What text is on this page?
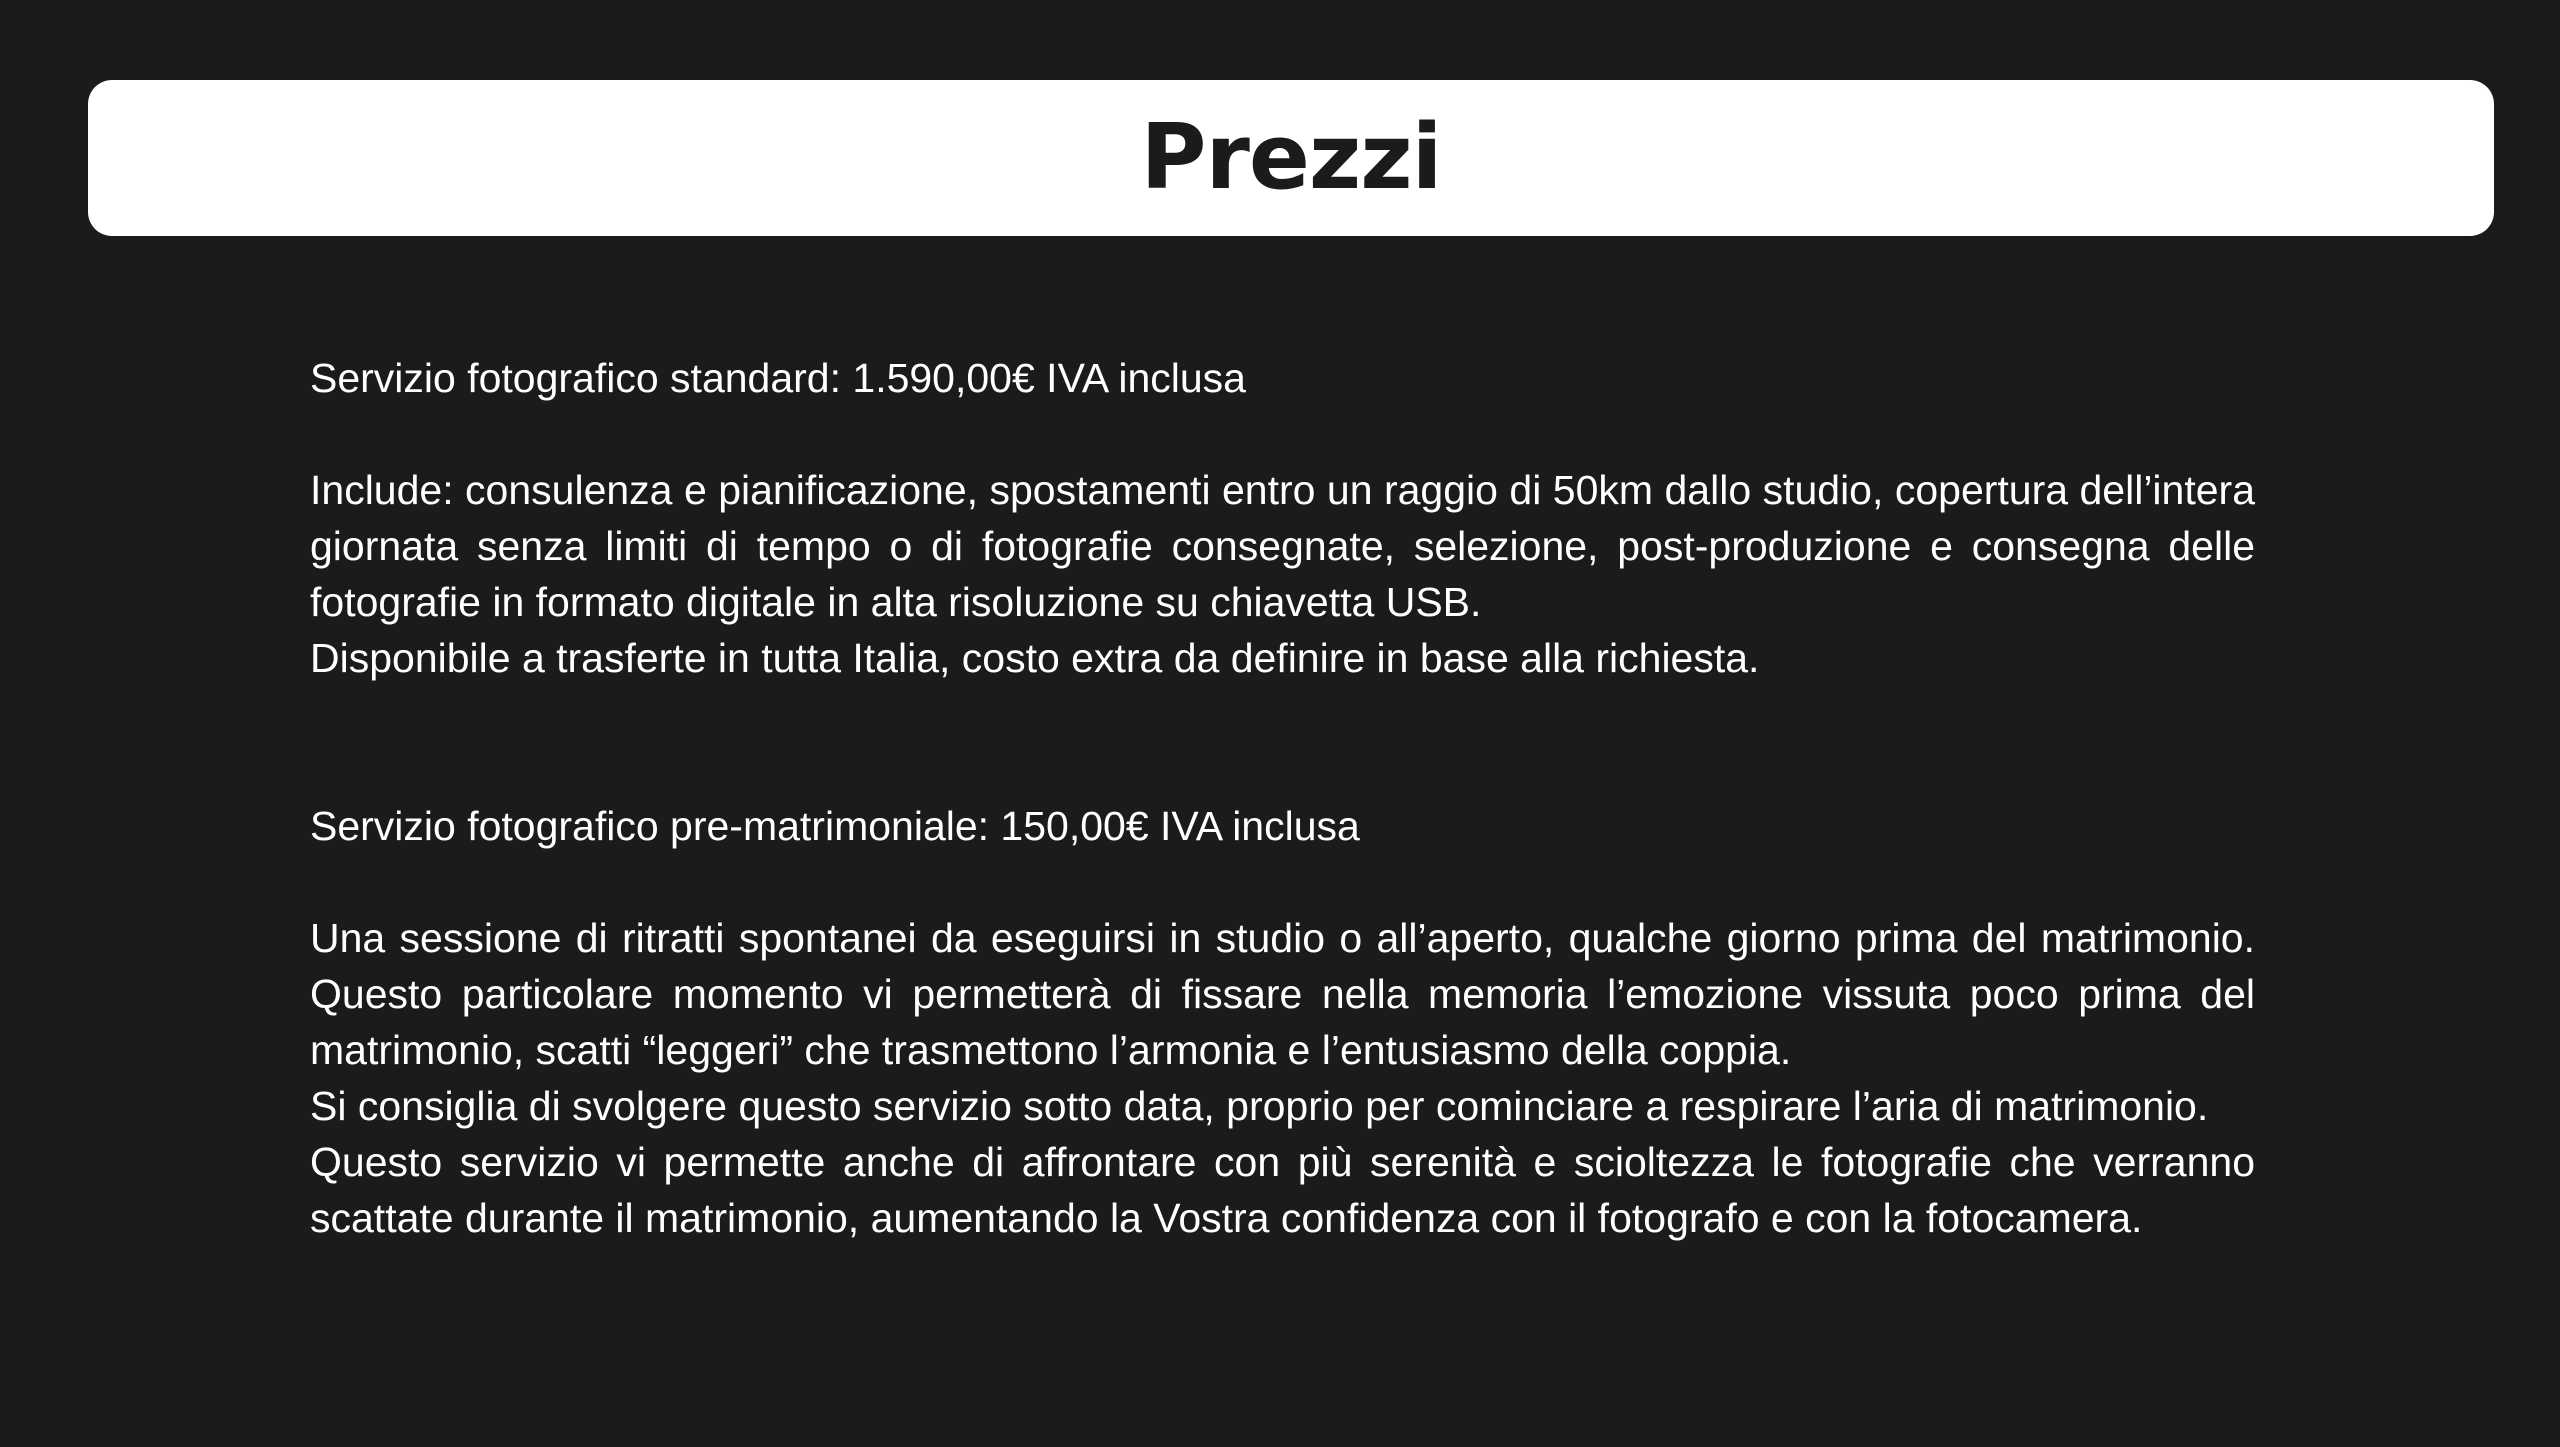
Prezzi

Servizio fotografico standard: 1.590,00€ IVA inclusa

Include: consulenza e pianificazione, spostamenti entro un raggio di 50km dallo studio, copertura dell’intera giornata senza limiti di tempo o di fotografie consegnate, selezione, post-produzione e consegna delle fotografie in formato digitale in alta risoluzione su chiavetta USB.

Disponibile a trasferte in tutta Italia, costo extra da definire in base alla richiesta.

Servizio fotografico pre-matrimoniale: 150,00€ IVA inclusa

Una sessione di ritratti spontanei da eseguirsi in studio o all’aperto, qualche giorno prima del matrimonio. Questo particolare momento vi permetterà di fissare nella memoria l’emozione vissuta poco prima del matrimonio, scatti “leggeri” che trasmettono l’armonia e l’entusiasmo della coppia.

Si consiglia di svolgere questo servizio sotto data, proprio per cominciare a respirare l’aria di matrimonio.

Questo servizio vi permette anche di affrontare con più serenità e scioltezza le fotografie che verranno scattate durante il matrimonio, aumentando la Vostra confidenza con il fotografo e con la fotocamera.
